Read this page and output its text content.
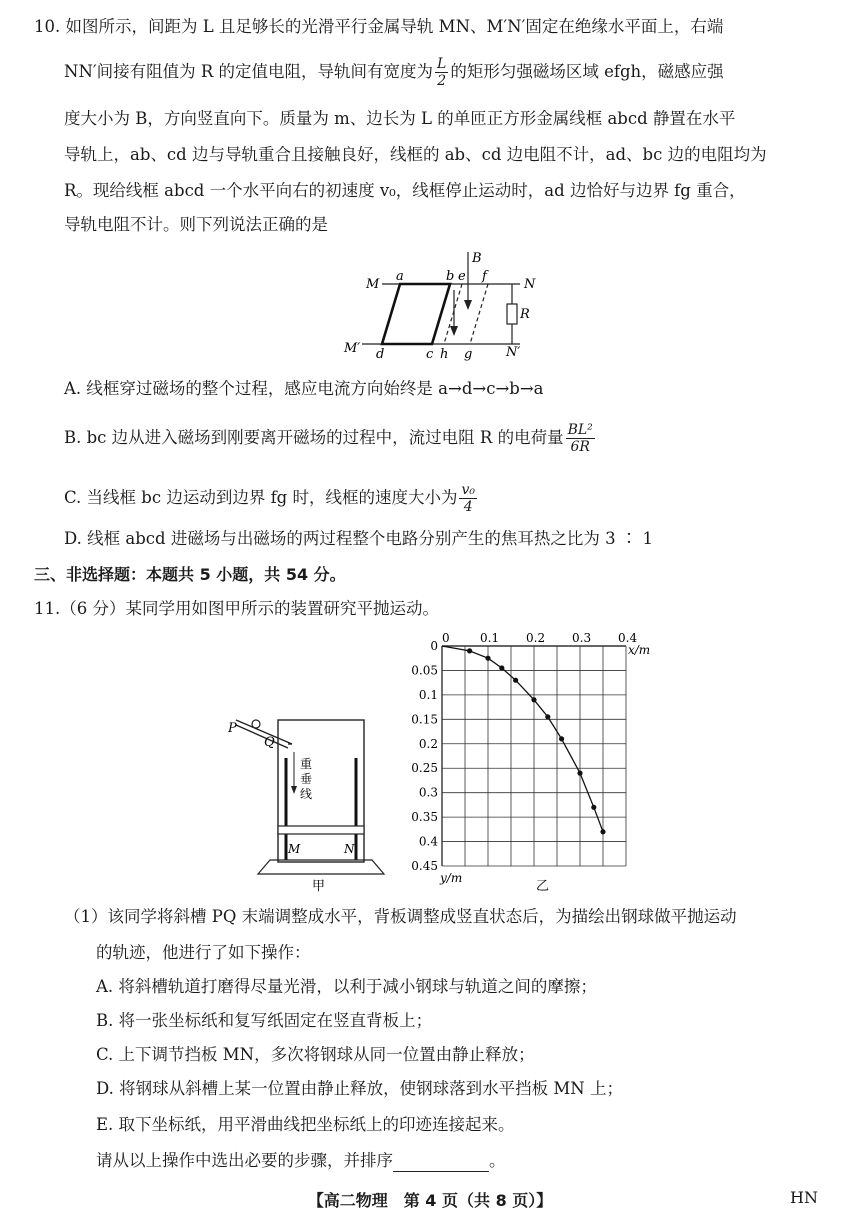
10. 如图所示，间距为 L 且足够长的光滑平行金属导轨 MN、M′N′固定在绝缘水平面上，右端
NN′间接有阻值为 R 的定值电阻，导轨间有宽度为 $\frac{L}{2}$ 的矩形匀强磁场区域 efgh，磁感应强
度大小为 B，方向竖直向下。质量为 m、边长为 L 的单匝正方形金属线框 abcd 静置在水平
导轨上，ab、cd 边与导轨重合且接触良好，线框的 ab、cd 边电阻不计，ad、bc 边的电阻均为
R。现给线框 abcd 一个水平向右的初速度 v₀，线框停止运动时，ad 边恰好与边界 fg 重合，
导轨电阻不计。则下列说法正确的是
M
a	b e f
N
B
R
M′ d	c h g	N′
A. 线框穿过磁场的整个过程，感应电流方向始终是 a→d→c→b→a
B. bc 边从进入磁场到刚要离开磁场的过程中，流过电阻 R 的电荷量 $\frac{\text{BL²}}{6R}$
C. 当线框 bc 边运动到边界 fg 时，线框的速度大小为 $\frac{\text{v₀}}{4}$
D. 线框 abcd 进磁场与出磁场的两过程整个电路分别产生的焦耳热之比为 3 ∶ 1
三、非选择题：本题共 5 小题，共 54 分。
11.（6 分）某同学用如图甲所示的装置研究平抛运动。
P
Q
重
垂
线
M	N
甲
0	0.1 0.2 0.3 0.4
0
0.05
0.1
0.15
0.2
0.25
0.3
0.35
0.4
0.45
x/m
y/m
乙
（1）该同学将斜槽 PQ 末端调整成水平，背板调整成竖直状态后，为描绘出钢球做平抛运动
的轨迹，他进行了如下操作：
A. 将斜槽轨道打磨得尽量光滑，以利于减小钢球与轨道之间的摩擦；
B. 将一张坐标纸和复写纸固定在竖直背板上；
C. 上下调节挡板 MN，多次将钢球从同一位置由静止释放；
D. 将钢球从斜槽上某一位置由静止释放，使钢球落到水平挡板 MN 上；
E. 取下坐标纸，用平滑曲线把坐标纸上的印迹连接起来。
请从以上操作中选出必要的步骤，并排序	。
【高二物理　第 4 页（共 8 页）】	HN
